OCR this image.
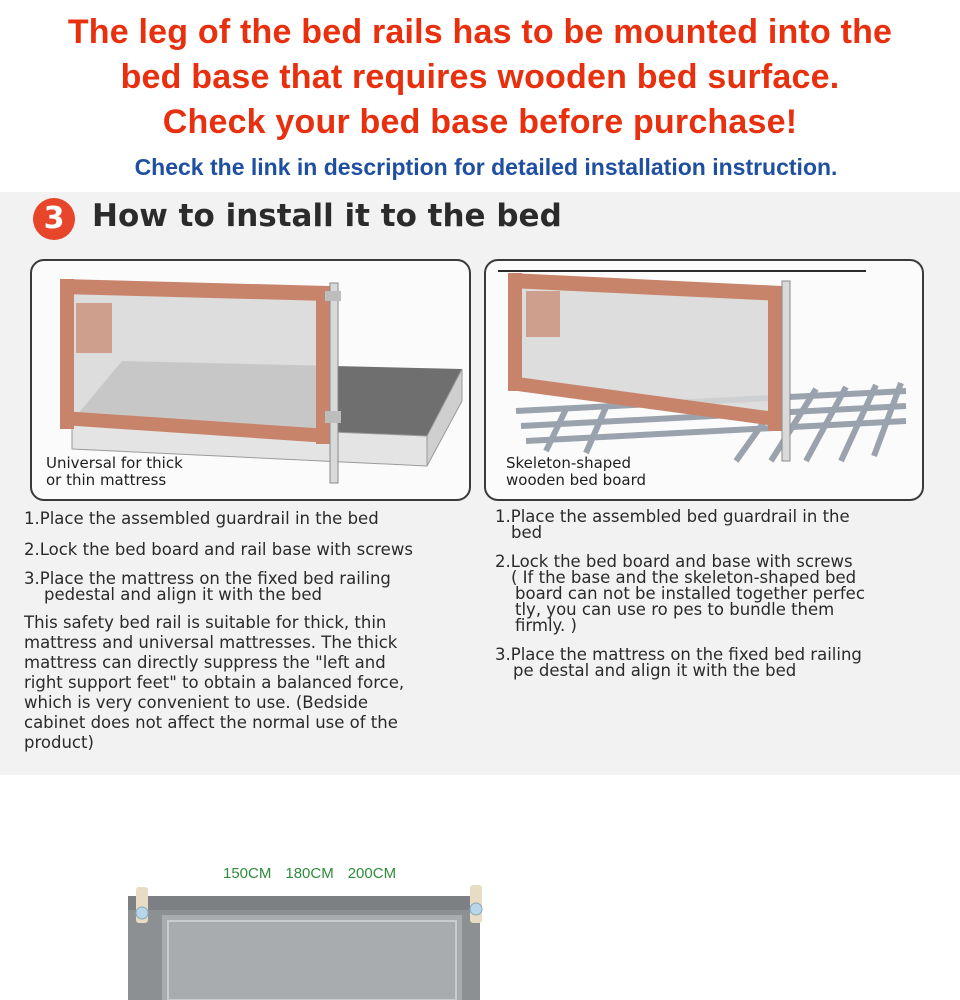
The leg of the bed rails has to be mounted into the
bed base that requires wooden bed surface.
Check your bed base before purchase!
Check the link in description for detailed installation instruction.
3 How to install it to the bed
Universal for thick
or thin mattress
Skeleton-shaped
wooden bed board
1.Place the assembled guardrail in the bed
2.Lock the bed board and rail base with screws
3.Place the mattress on the fixed bed railing
pedestal and align it with the bed
This safety bed rail is suitable for thick, thin
mattress and universal mattresses. The thick
mattress can directly suppress the "left and
right support feet" to obtain a balanced force,
which is very convenient to use. (Bedside
cabinet does not affect the normal use of the
product)
1.Place the assembled bed guardrail in the
bed
2.Lock the bed board and base with screws
( If the base and the skeleton-shaped bed
board can not be installed together perfec
tly, you can use ro pes to bundle them
firmly. )
3.Place the mattress on the fixed bed railing
pe destal and align it with the bed
150CM 180CM 200CM
